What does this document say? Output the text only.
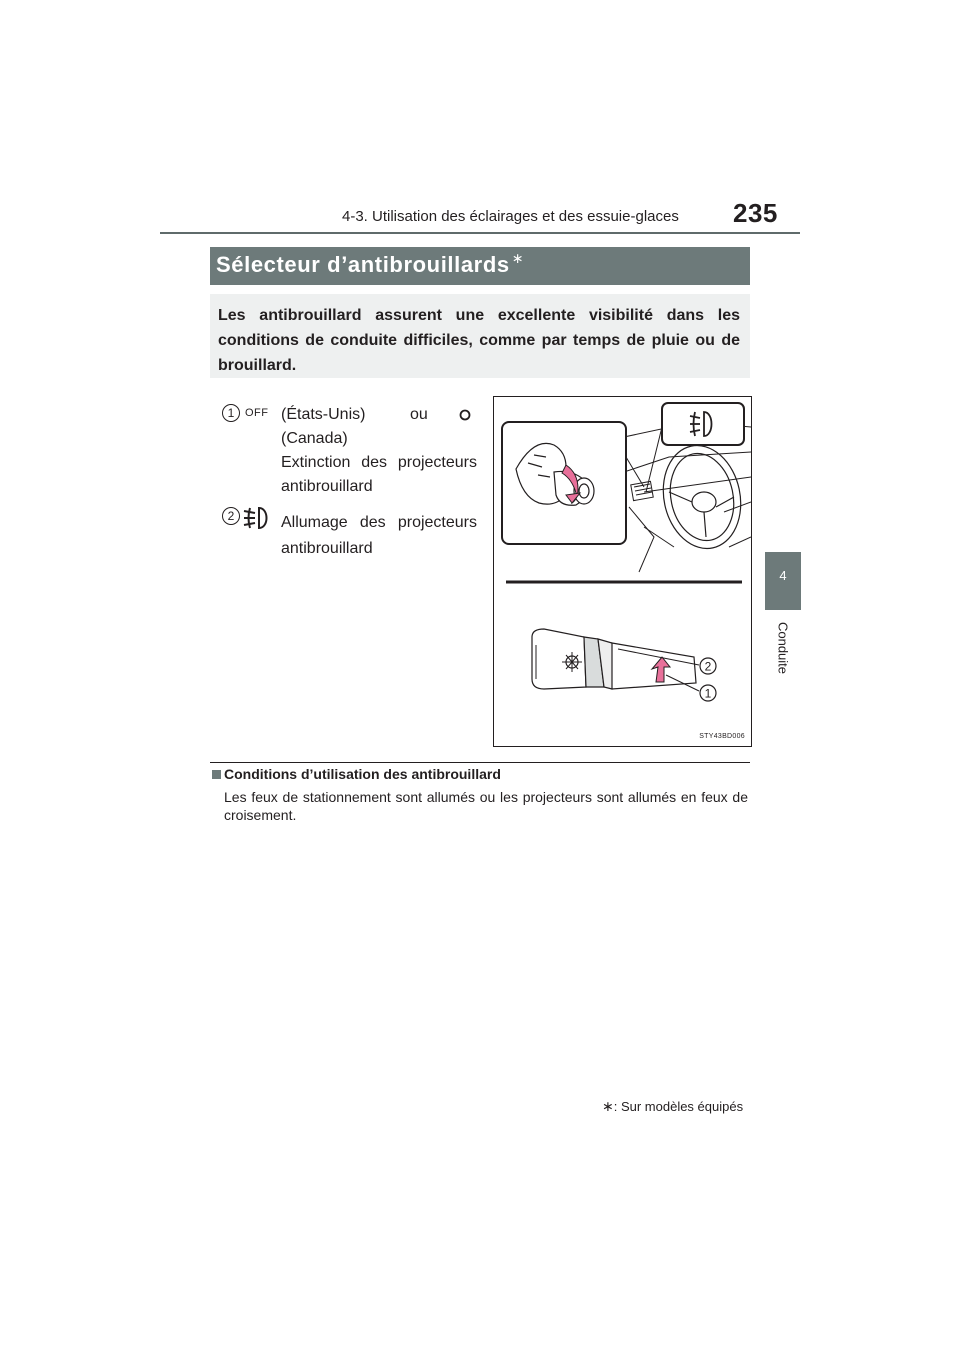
4-3. Utilisation des éclairages et des essuie-glaces 235
4
Conduite
Sélecteur d’antibrouillards ∗
Les antibrouillard assurent une excellente visibilité dans les conditions de conduite difficiles, comme par temps de pluie ou de brouillard.
1 OFF (États-Unis)	ou
(Canada)
Extinction des projecteurs antibrouillard
2	Allumage des projecteurs antibrouillard
2
1
STY43BD006
Conditions d’utilisation des antibrouillard
Les feux de stationnement sont allumés ou les projecteurs sont allumés en feux de croisement.
∗: Sur modèles équipés
